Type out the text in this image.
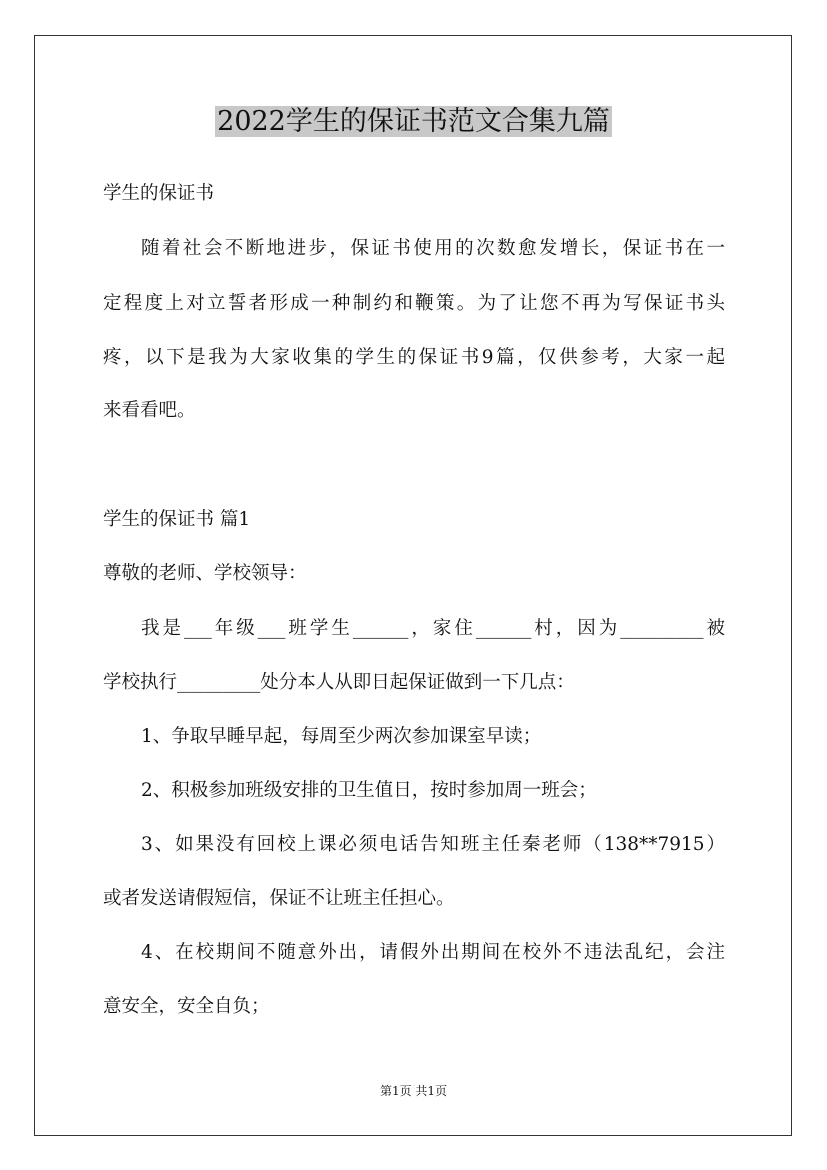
2022学生的保证书范文合集九篇
学生的保证书
随着社会不断地进步，保证书使用的次数愈发增长，保证书在一
定程度上对立誓者形成一种制约和鞭策。为了让您不再为写保证书头
疼，以下是我为大家收集的学生的保证书9篇，仅供参考，大家一起
来看看吧。
学生的保证书 篇1
尊敬的老师、学校领导：
我是___年级___班学生______，家住______村，因为_________被
学校执行_________处分本人从即日起保证做到一下几点：
1、争取早睡早起，每周至少两次参加课室早读；
2、积极参加班级安排的卫生值日，按时参加周一班会；
3、如果没有回校上课必须电话告知班主任秦老师（138**7915）
或者发送请假短信，保证不让班主任担心。
4、在校期间不随意外出，请假外出期间在校外不违法乱纪，会注
意安全，安全自负；
第1页 共1页
